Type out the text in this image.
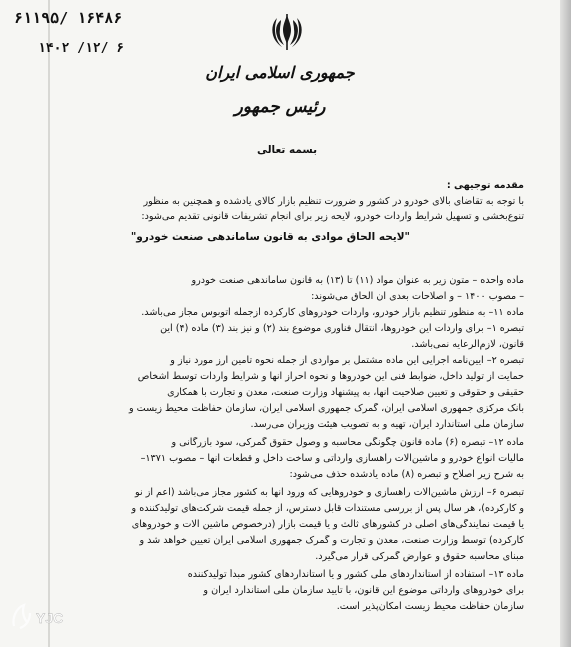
۶۱۱۹۵/ ۱۶۴۸۶
۱۴۰۲ /۱۲/ ۶
جمهوری اسلامی ایران
رئیس جمهور
بسمه تعالی
مقدمه توجیهی :
با توجه به تقاضای بالای خودرو در کشور و ضرورت تنظیم بازار کالای یادشده و همچنین به منظور
تنوع‌بخشی و تسهیل شرایط واردات خودرو، لایحه زیر برای انجام تشریفات قانونی تقدیم می‌شود:
"لایحه الحاق موادی به قانون ساماندهی صنعت خودرو"
ماده واحده – متون زیر به عنوان مواد (۱۱) تا (۱۳) به قانون ساماندهی صنعت خودرو
– مصوب ۱۴۰۰ – و اصلاحات بعدی آن الحاق می‌شوند:
ماده ۱۱– به منظور تنظیم بازار خودرو، واردات خودروهای کارکرده ازجمله اتوبوس مجاز می‌باشد.
تبصره ۱– برای واردات این خودروها، انتقال فناوری موضوع بند (۲) و نیز بند (۳) ماده (۴) این
قانون، لازم‌الرعایه نمی‌باشد.
تبصره ۲– آیین‌نامه اجرایی این ماده مشتمل بر مواردی از جمله نحوه تأمین ارز مورد نیاز و
حمایت از تولید داخل، ضوابط فنی این خودروها و نحوه احراز آنها و شرایط واردات توسط اشخاص
حقیقی و حقوقی و تعیین صلاحیت آنها، به پیشنهاد وزارت صنعت، معدن و تجارت با همکاری
بانک مرکزی جمهوری اسلامی ایران، گمرک جمهوری اسلامی ایران، سازمان حفاظت محیط زیست و
سازمان ملی استاندارد ایران، تهیه و به تصویب هیئت وزیران می‌رسد.
ماده ۱۲– تبصره (۶) ماده قانون چگونگی محاسبه و وصول حقوق گمرکی، سود بازرگانی و
مالیات انواع خودرو و ماشین‌آلات راهسازی وارداتی و ساخت داخل و قطعات آنها – مصوب ۱۳۷۱–
به شرح زیر اصلاح و تبصره (۸) ماده یادشده حذف می‌شود:
تبصره ۶– ارزش ماشین‌آلات راهسازی و خودروهایی که ورود آنها به کشور مجاز می‌باشد (اعم از نو
و کارکرده)، هر سال پس از بررسی مستندات قابل دسترس، از جمله قیمت شرکت‌های تولیدکننده و
یا قیمت نمایندگی‌های اصلی در کشورهای ثالث و یا قیمت بازار (درخصوص ماشین آلات و خودروهای
کارکرده) توسط وزارت صنعت، معدن و تجارت و گمرک جمهوری اسلامی ایران تعیین خواهد شد و
مبنای محاسبه حقوق و عوارض گمرکی قرار می‌گیرد.
ماده ۱۳– استفاده از استانداردهای ملی کشور و یا استانداردهای کشور مبدأ تولیدکننده
برای خودروهای وارداتی موضوع این قانون، با تأیید سازمان ملی استاندارد ایران و
سازمان حفاظت محیط زیست امکان‌پذیر است.
YJC
